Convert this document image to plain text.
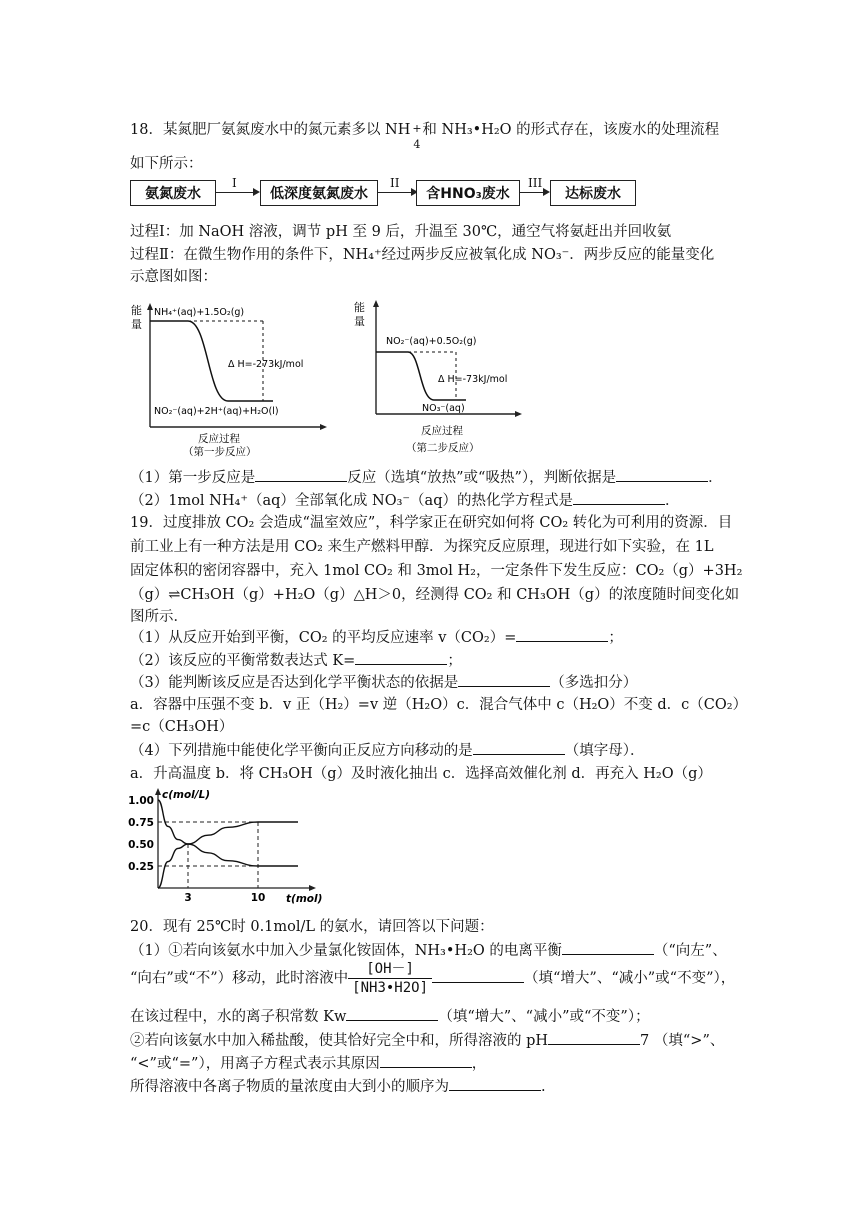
18．某氮肥厂氨氮废水中的氮元素多以 NH +
4
和 NH₃•H₂O 的形式存在，该废水的处理流程
如下所示：
氨氮废水
I
低深度氨氮废水
II
含HNO₃废水
III
达标废水
过程Ⅰ：加 NaOH 溶液，调节 pH 至 9 后，升温至 30℃，通空气将氨赶出并回收氨
过程Ⅱ：在微生物作用的条件下，NH₄⁺经过两步反应被氧化成 NO₃⁻．两步反应的能量变化
示意图如图：
能
量
NH₄⁺(aq)+1.5O₂(g)
NO₂⁻(aq)+2H⁺(aq)+H₂O(l)
Δ H=-273kJ/mol
反应过程
（第一步反应）
能
量
NO₂⁻(aq)+0.5O₂(g)
NO₃⁻(aq)
Δ H=-73kJ/mol
反应过程
（第二步反应）
（1）第一步反应是	反应（选填“放热”或“吸热”），判断依据是	．
（2）1mol NH₄⁺（aq）全部氧化成 NO₃⁻（aq）的热化学方程式是	．
19．过度排放 CO₂ 会造成“温室效应”，科学家正在研究如何将 CO₂ 转化为可利用的资源．目
前工业上有一种方法是用 CO₂ 来生产燃料甲醇．为探究反应原理，现进行如下实验，在 1L
固定体积的密闭容器中，充入 1mol CO₂ 和 3mol H₂，一定条件下发生反应：CO₂（g）+3H₂
（g）⇌CH₃OH（g）+H₂O（g）△H＞0，经测得 CO₂ 和 CH₃OH（g）的浓度随时间变化如
图所示．
（1）从反应开始到平衡，CO₂ 的平均反应速率 v（CO₂）=	；
（2）该反应的平衡常数表达式 K=	；
（3）能判断该反应是否达到化学平衡状态的依据是	（多选扣分）
a．容器中压强不变 b．v 正（H₂）=v 逆（H₂O）c．混合气体中 c（H₂O）不变 d．c（CO₂）
=c（CH₃OH）
（4）下列措施中能使化学平衡向正反应方向移动的是	（填字母）．
a．升高温度 b．将 CH₃OH（g）及时液化抽出 c．选择高效催化剂 d．再充入 H₂O（g）
1.00
0.75
0.50
0.25
c(mol/L)
3	10 t(mol)
20．现有 25℃时 0.1mol/L 的氨水，请回答以下问题：
（1）①若向该氨水中加入少量氯化铵固体，NH₃•H₂O 的电离平衡	（“向左”、
“向右”或“不”）移动，此时溶液中 $\frac{[OH-]}{[NH3•H2O]}$	（填“增大”、“减小”或“不变”），
在该过程中，水的离子积常数 Kw	（填“增大”、“减小”或“不变”）；
②若向该氨水中加入稀盐酸，使其恰好完全中和，所得溶液的 pH	7 （填“>”、
“<”或“=”），用离子方程式表示其原因	，
所得溶液中各离子物质的量浓度由大到小的顺序为	.
